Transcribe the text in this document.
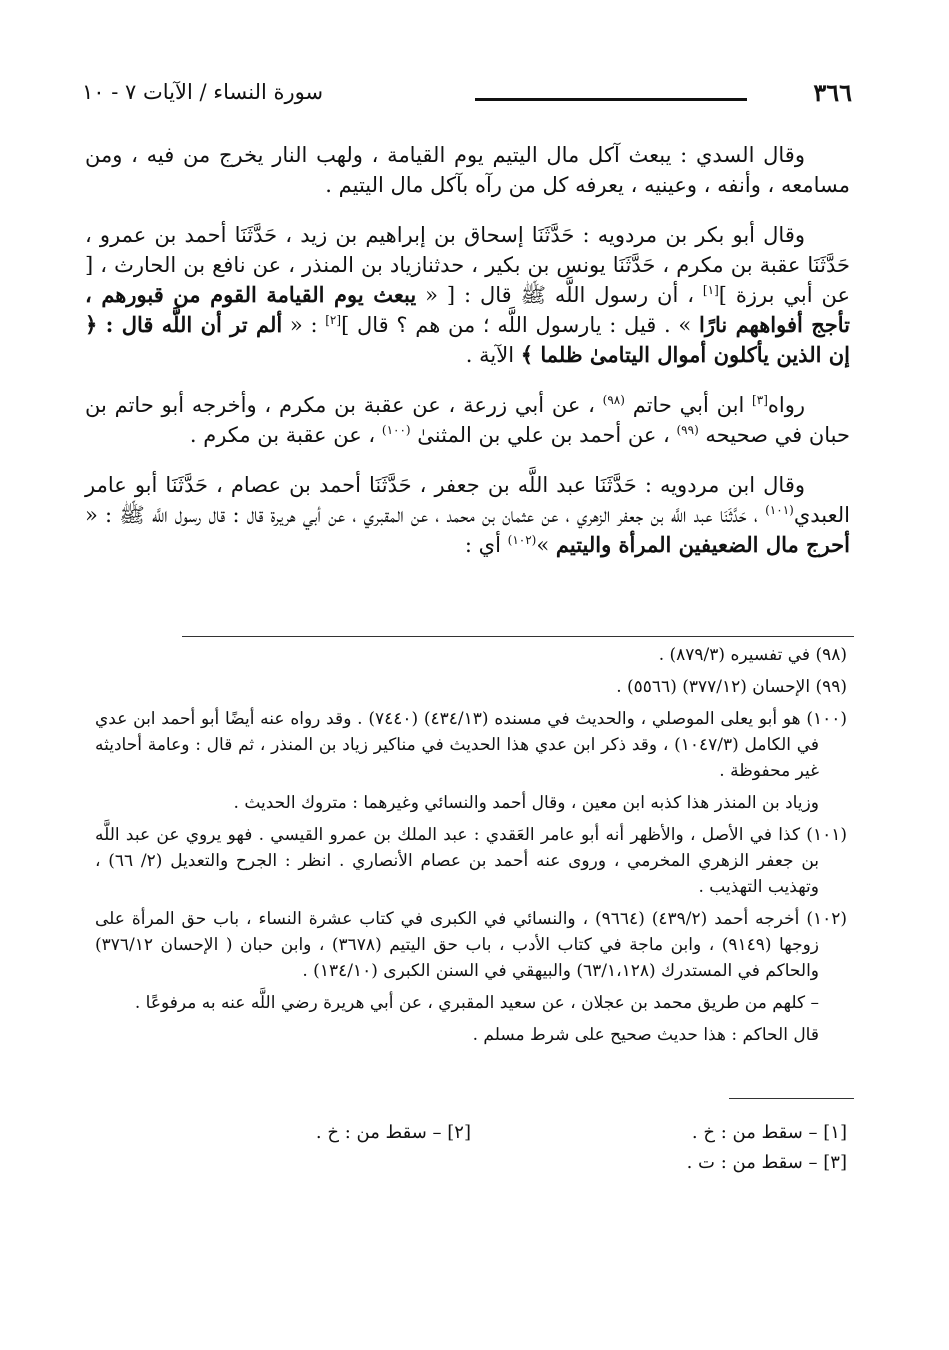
٣٦٦
سورة النساء / الآيات ٧ - ١٠

وقال السدي : يبعث آكل مال اليتيم يوم القيامة ، ولهب النار يخرج من فيه ، ومن مسامعه ، وأنفه ، وعينيه ، يعرفه كل من رآه بآكل مال اليتيم .

وقال أبو بكر بن مردويه : حَدَّثَنَا إسحاق بن إبراهيم بن زيد ، حَدَّثَنَا أحمد بن عمرو ، حَدَّثَنَا عقبة بن مكرم ، حَدَّثَنَا يونس بن بكير ، حدثنازياد بن المنذر ، عن نافع بن الحارث ، [ عن أبي برزة ][١] ، أن رسول اللَّه ﷺ قال : [ « يبعث يوم القيامة القوم من قبورهم ، تأجج أفواههم نارًا » . قيل : يارسول اللَّه ؛ من هم ؟ قال ][٢] : « ألم تر أن اللَّه قال : ﴿ إن الذين يأكلون أموال اليتامىٰ ظلما ﴾ الآية .

رواه[٣] ابن أبي حاتم $^{(٩٨)}$ ، عن أبي زرعة ، عن عقبة بن مكرم ، وأخرجه أبو حاتم بن حبان في صحيحه $^{(٩٩)}$ ، عن أحمد بن علي بن المثنىٰ $^{(١٠٠)}$ ، عن عقبة بن مكرم .

وقال ابن مردويه : حَدَّثَنَا عبد اللَّه بن جعفر ، حَدَّثَنَا أحمد بن عصام ، حَدَّثَنَا أبو عامر العبدي$^{(١٠١)}$ ، حَدَّثَنَا عبد اللَّه بن جعفر الزهري ، عن عثمان بن محمد ، عن المقبري ، عن أبي هريرة قال : قال رسول اللَّه ﷺ : « أحرج مال الضعيفين المرأة واليتيم »$^{(١٠٢)}$ أي :

(٩٨) في تفسيره (٨٧٩/٣) .

(٩٩) الإحسان (٣٧٧/١٢) (٥٥٦٦) .

(١٠٠) هو أبو يعلى الموصلي ، والحديث في مسنده (٤٣٤/١٣) (٧٤٤٠) . وقد رواه عنه أيضًا أبو أحمد ابن عدي في الكامل (١٠٤٧/٣) ، وقد ذكر ابن عدي هذا الحديث في مناكير زياد بن المنذر ، ثم قال : وعامة أحاديثه غير محفوظة .

وزياد بن المنذر هذا كذبه ابن معين ، وقال أحمد والنسائي وغيرهما : متروك الحديث .

(١٠١) كذا في الأصل ، والأظهر أنه أبو عامر العَقدي : عبد الملك بن عمرو القيسي . فهو يروي عن عبد اللَّه بن جعفر الزهري المخرمي ، وروى عنه أحمد بن عصام الأنصاري . انظر : الجرح والتعديل (٢/ ٦٦) ، وتهذيب التهذيب .

(١٠٢) أخرجه أحمد (٤٣٩/٢) (٩٦٦٤) ، والنسائي في الكبرى في كتاب عشرة النساء ، باب حق المرأة على زوجها (٩١٤٩) ، وابن ماجة في كتاب الأدب ، باب حق اليتيم (٣٦٧٨) ، وابن حبان ( الإحسان ٣٧٦/١٢) والحاكم في المستدرك (٦٣/١،١٢٨) والبيهقي في السنن الكبرى (١٣٤/١٠) .

– كلهم من طريق محمد بن عجلان ، عن سعيد المقبري ، عن أبي هريرة رضي اللَّه عنه به مرفوعًا .

قال الحاكم : هذا حديث صحيح على شرط مسلم .

[١] – سقط من : خ .
[٢] – سقط من : خ .
[٣] – سقط من : ت .
